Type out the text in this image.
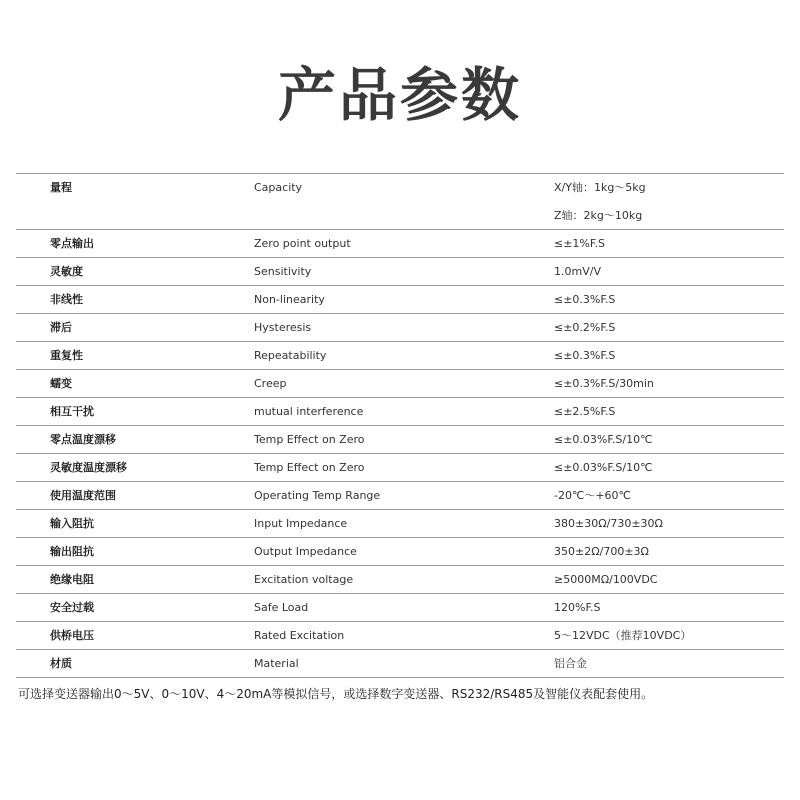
产品参数
量程	Capacity	X/Y轴：1kg～5kg
Z轴：2kg～10kg
零点输出	Zero point output	≤±1%F.S
灵敏度	Sensitivity	1.0mV/V
非线性	Non-linearity	≤±0.3%F.S
滞后	Hysteresis	≤±0.2%F.S
重复性	Repeatability	≤±0.3%F.S
蠕变	Creep	≤±0.3%F.S/30min
相互干扰	mutual interference	≤±2.5%F.S
零点温度漂移	Temp Effect on Zero	≤±0.03%F.S/10℃
灵敏度温度漂移	Temp Effect on Zero	≤±0.03%F.S/10℃
使用温度范围	Operating Temp Range	-20℃～+60℃
输入阻抗	Input Impedance	380±30Ω/730±30Ω
输出阻抗	Output Impedance	350±2Ω/700±3Ω
绝缘电阻	Excitation voltage	≥5000MΩ/100VDC
安全过载	Safe Load	120%F.S
供桥电压	Rated Excitation	5～12VDC（推荐10VDC）
材质	Material	铝合金
可选择变送器输出0～5V、0～10V、4～20mA等模拟信号，或选择数字变送器、RS232/RS485及智能仪表配套使用。
